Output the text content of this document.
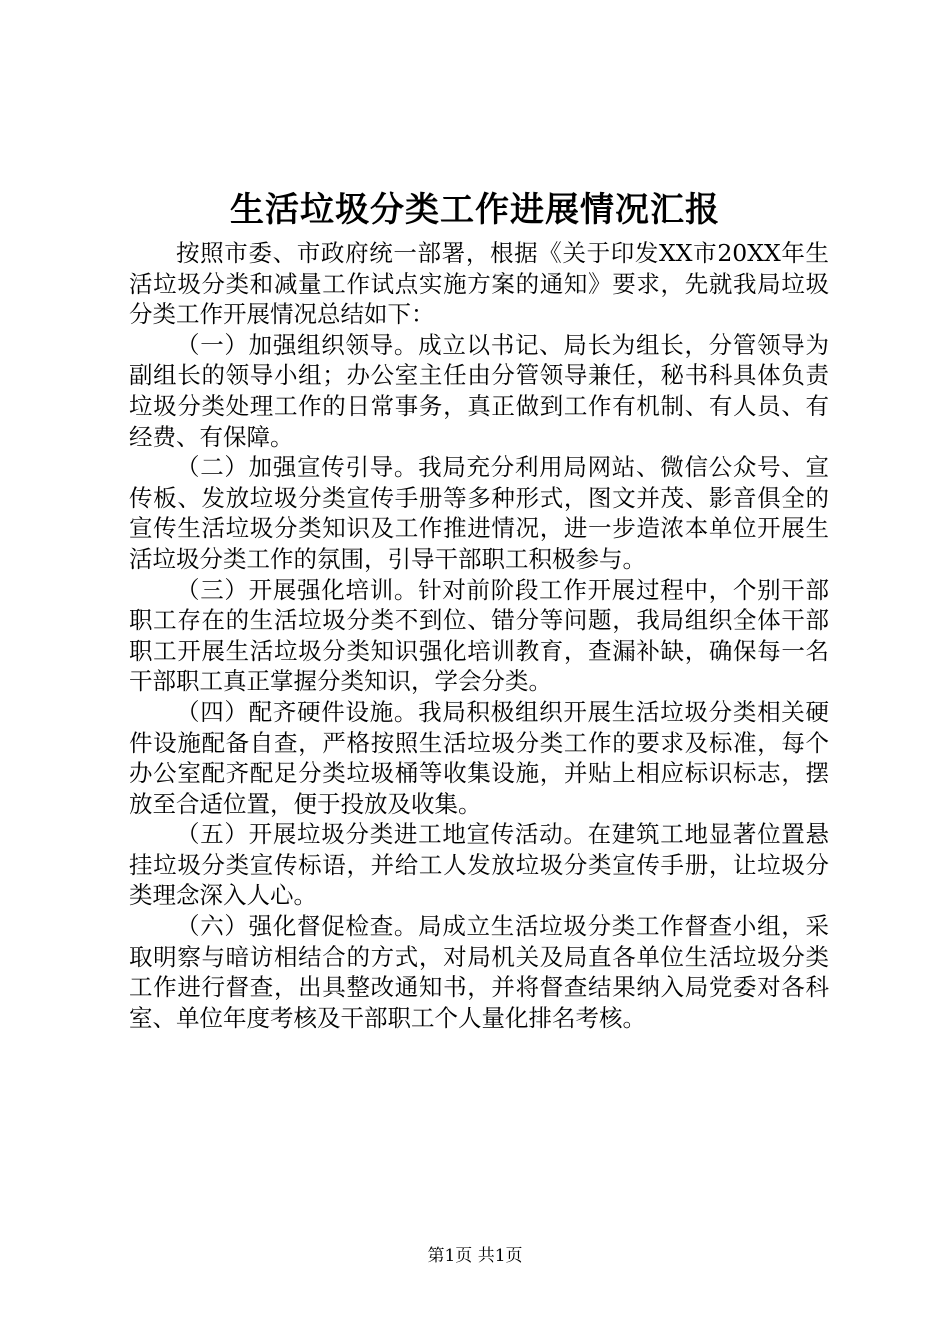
生活垃圾分类工作进展情况汇报

按照市委、市政府统一部署，根据《关于印发XX市20XX年生活垃圾分类和减量工作试点实施方案的通知》要求，先就我局垃圾分类工作开展情况总结如下：

（一）加强组织领导。成立以书记、局长为组长，分管领导为副组长的领导小组；办公室主任由分管领导兼任，秘书科具体负责垃圾分类处理工作的日常事务，真正做到工作有机制、有人员、有经费、有保障。

（二）加强宣传引导。我局充分利用局网站、微信公众号、宣传板、发放垃圾分类宣传手册等多种形式，图文并茂、影音俱全的宣传生活垃圾分类知识及工作推进情况，进一步造浓本单位开展生活垃圾分类工作的氛围，引导干部职工积极参与。

（三）开展强化培训。针对前阶段工作开展过程中，个别干部职工存在的生活垃圾分类不到位、错分等问题，我局组织全体干部职工开展生活垃圾分类知识强化培训教育，查漏补缺，确保每一名干部职工真正掌握分类知识，学会分类。

（四）配齐硬件设施。我局积极组织开展生活垃圾分类相关硬件设施配备自查，严格按照生活垃圾分类工作的要求及标准，每个办公室配齐配足分类垃圾桶等收集设施，并贴上相应标识标志，摆放至合适位置，便于投放及收集。

（五）开展垃圾分类进工地宣传活动。在建筑工地显著位置悬挂垃圾分类宣传标语，并给工人发放垃圾分类宣传手册，让垃圾分类理念深入人心。

（六）强化督促检查。局成立生活垃圾分类工作督查小组，采取明察与暗访相结合的方式，对局机关及局直各单位生活垃圾分类工作进行督查，出具整改通知书，并将督查结果纳入局党委对各科室、单位年度考核及干部职工个人量化排名考核。

第1页 共1页
